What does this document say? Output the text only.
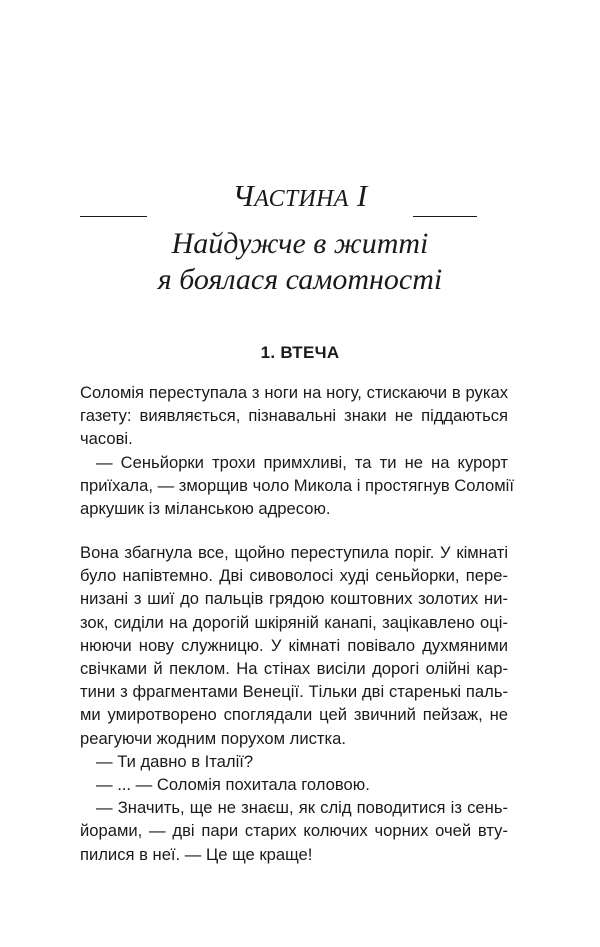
ЧАСТИНА I
Найдужче в житті
я боялася самотності
1. ВТЕЧА

Соломія переступала з ноги на ногу, стискаючи в руках
газету: виявляється, пізнавальні знаки не піддаються
часові.

— Сеньйорки трохи примхливі, та ти не на курорт
приїхала, — зморщив чоло Микола і простягнув Соломії
аркушик із міланською адресою.

Вона збагнула все, щойно переступила поріг. У кімнаті
було напівтемно. Дві сивоволосі худі сеньйорки, пере-
низані з шиї до пальців грядою коштовних золотих ни-
зок, сиділи на дорогій шкіряній канапі, зацікавлено оці-
нюючи нову служницю. У кімнаті повівало духмяними
свічками й пеклом. На стінах висіли дорогі олійні кар-
тини з фрагментами Венеції. Тільки дві старенькі паль-
ми умиротворено споглядали цей звичний пейзаж, не
реагуючи жодним порухом листка.

— Ти давно в Італії?

— ... — Соломія похитала головою.

— Значить, ще не знаєш, як слід поводитися із сень-
йорами, — дві пари старих колючих чорних очей вту-
пилися в неї. — Це ще краще!
